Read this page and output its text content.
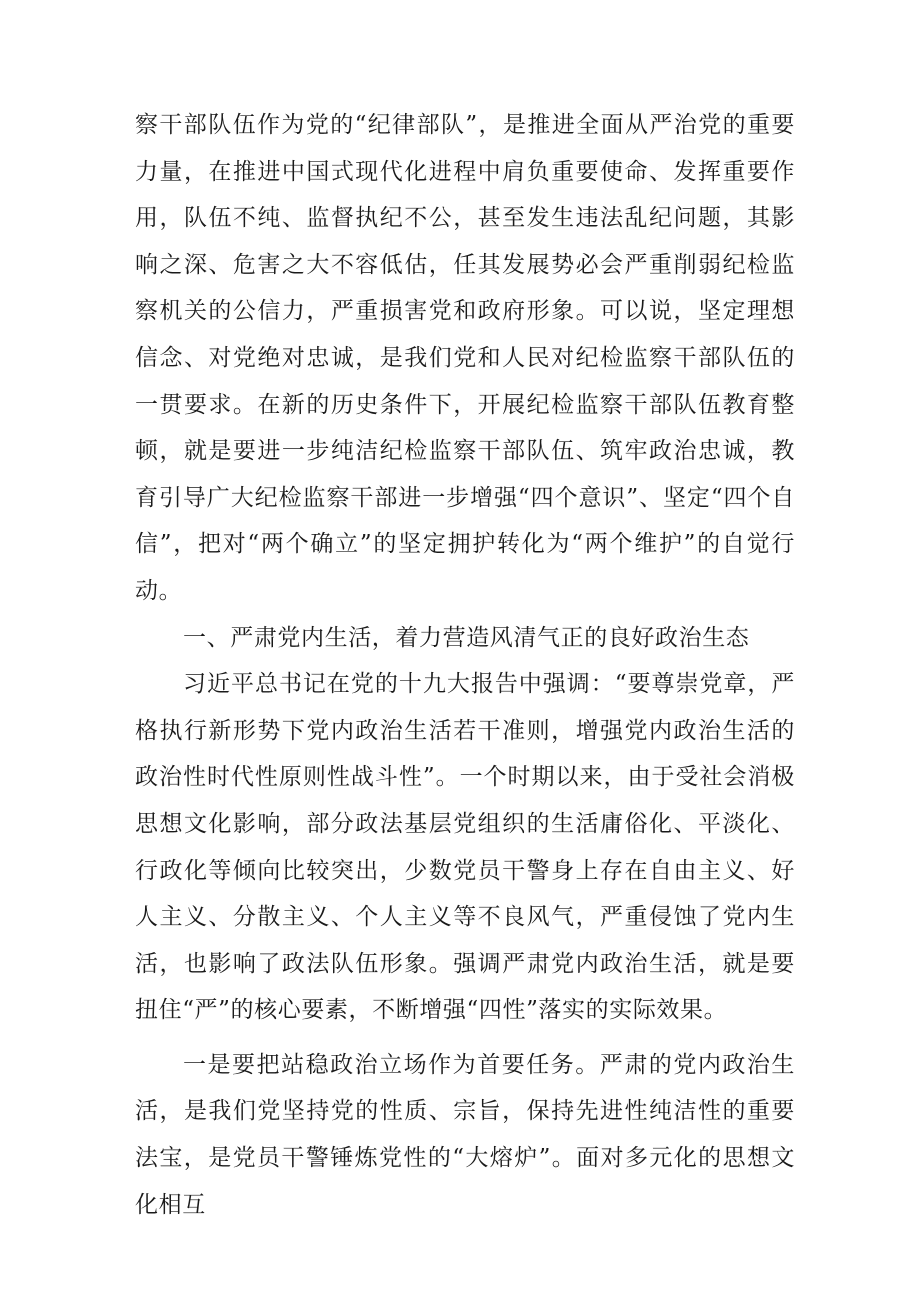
察干部队伍作为党的“纪律部队”，是推进全面从严治党的重要力量，在推进中国式现代化进程中肩负重要使命、发挥重要作用，队伍不纯、监督执纪不公，甚至发生违法乱纪问题，其影响之深、危害之大不容低估，任其发展势必会严重削弱纪检监察机关的公信力，严重损害党和政府形象。可以说，坚定理想信念、对党绝对忠诚，是我们党和人民对纪检监察干部队伍的一贯要求。在新的历史条件下，开展纪检监察干部队伍教育整顿，就是要进一步纯洁纪检监察干部队伍、筑牢政治忠诚，教育引导广大纪检监察干部进一步增强“四个意识”、坚定“四个自信”，把对“两个确立”的坚定拥护转化为“两个维护”的自觉行动。

一、严肃党内生活，着力营造风清气正的良好政治生态

习近平总书记在党的十九大报告中强调：“要尊崇党章，严格执行新形势下党内政治生活若干准则，增强党内政治生活的政治性时代性原则性战斗性”。一个时期以来，由于受社会消极思想文化影响，部分政法基层党组织的生活庸俗化、平淡化、行政化等倾向比较突出，少数党员干警身上存在自由主义、好人主义、分散主义、个人主义等不良风气，严重侵蚀了党内生活，也影响了政法队伍形象。强调严肃党内政治生活，就是要扭住“严”的核心要素，不断增强“四性”落实的实际效果。

一是要把站稳政治立场作为首要任务。严肃的党内政治生活，是我们党坚持党的性质、宗旨，保持先进性纯洁性的重要法宝，是党员干警锤炼党性的“大熔炉”。面对多元化的思想文化相互
